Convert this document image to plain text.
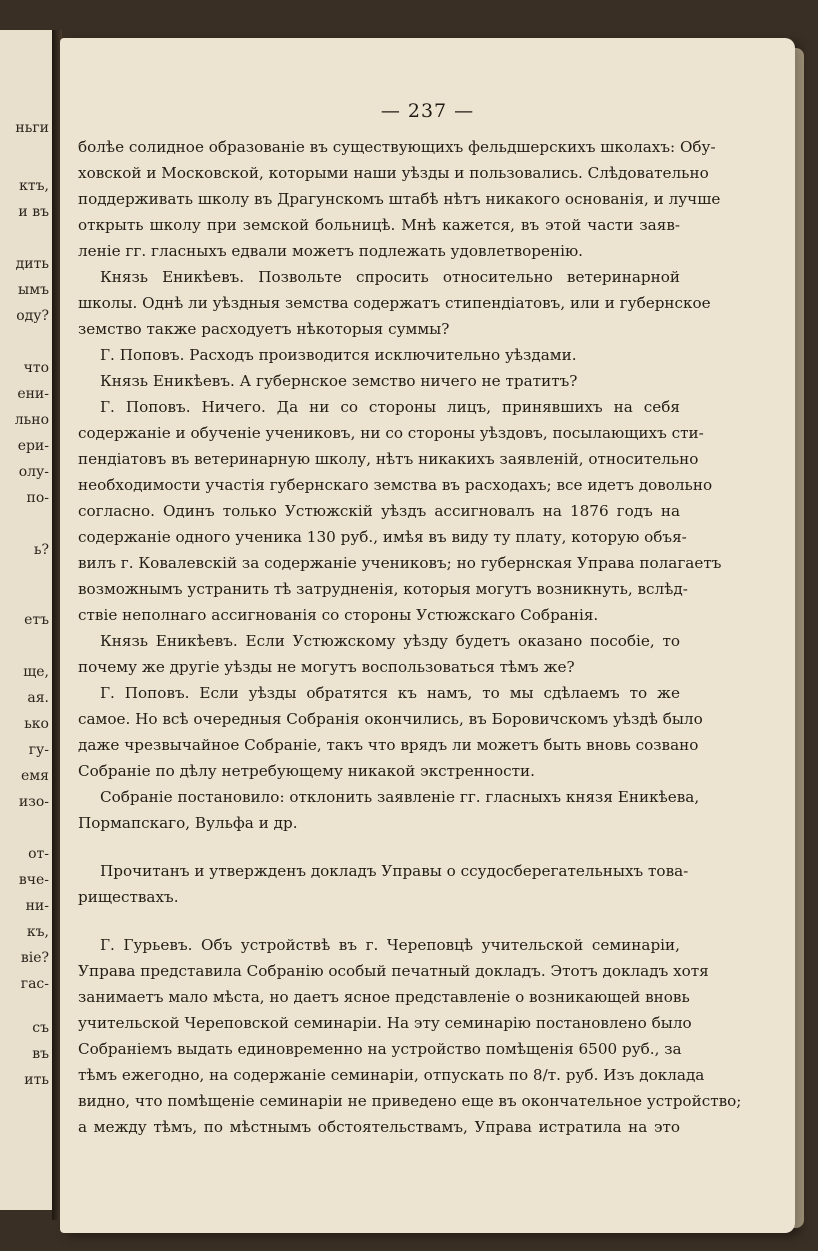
ньги
ктъ,
и въ
дить
ымъ
оду?
что
ени-
льно
ери-
олу-
по-
ь?
етъ
ще,
ая.
ько
гу-
емя
изо-
от-
вче-
ни-
къ,
віе?
гас-
съ
въ
ить
— 237 —
болѣе солидное образованіе въ существующихъ фельдшерскихъ школахъ: Обу-
ховской и Московской, которыми наши уѣзды и пользовались. Слѣдовательно
поддерживать школу въ Драгунскомъ штабѣ нѣтъ никакого основанія, и лучше
открыть школу при земской больницѣ. Мнѣ кажется, въ этой части заяв-
леніе гг. гласныхъ едвали можетъ подлежать удовлетворенію.
Князь Еникѣевъ. Позвольте спросить относительно ветеринарной
школы. Однѣ ли уѣздныя земства содержатъ стипендіатовъ, или и губернское
земство также расходуетъ нѣкоторыя суммы?
Г. Поповъ. Расходъ производится исключительно уѣздами.
Князь Еникѣевъ. А губернское земство ничего не тратитъ?
Г. Поповъ. Ничего. Да ни со стороны лицъ, принявшихъ на себя
содержаніе и обученіе учениковъ, ни со стороны уѣздовъ, посылающихъ сти-
пендіатовъ въ ветеринарную школу, нѣтъ никакихъ заявленій, относительно
необходимости участія губернскаго земства въ расходахъ; все идетъ довольно
согласно. Одинъ только Устюжскій уѣздъ ассигновалъ на 1876 годъ на
содержаніе одного ученика 130 руб., имѣя въ виду ту плату, которую объя-
вилъ г. Ковалевскій за содержаніе учениковъ; но губернская Управа полагаетъ
возможнымъ устранить тѣ затрудненія, которыя могутъ возникнуть, вслѣд-
ствіе неполнаго ассигнованія со стороны Устюжскаго Собранія.
Князь Еникѣевъ. Если Устюжскому уѣзду будетъ оказано пособіе, то
почему же другіе уѣзды не могутъ воспользоваться тѣмъ же?
Г. Поповъ. Если уѣзды обратятся къ намъ, то мы сдѣлаемъ то же
самое. Но всѣ очередныя Собранія окончились, въ Боровичскомъ уѣздѣ было
даже чрезвычайное Собраніе, такъ что врядъ ли можетъ быть вновь созвано
Собраніе по дѣлу нетребующему никакой экстренности.
Собраніе постановило: отклонить заявленіе гг. гласныхъ князя Еникѣева,
Пормапскаго, Вульфа и др.
Прочитанъ и утвержденъ докладъ Управы о ссудосберегательныхъ това-
риществахъ.
Г. Гурьевъ. Объ устройствѣ въ г. Череповцѣ учительской семинаріи,
Управа представила Собранію особый печатный докладъ. Этотъ докладъ хотя
занимаетъ мало мѣста, но даетъ ясное представленіе о возникающей вновь
учительской Череповской семинаріи. На эту семинарію постановлено было
Собраніемъ выдать единовременно на устройство помѣщенія 6500 руб., за
тѣмъ ежегодно, на содержаніе семинаріи, отпускать по 8/т. руб. Изъ доклада
видно, что помѣщеніе семинаріи не приведено еще въ окончательное устройство;
а между тѣмъ, по мѣстнымъ обстоятельствамъ, Управа истратила на это
